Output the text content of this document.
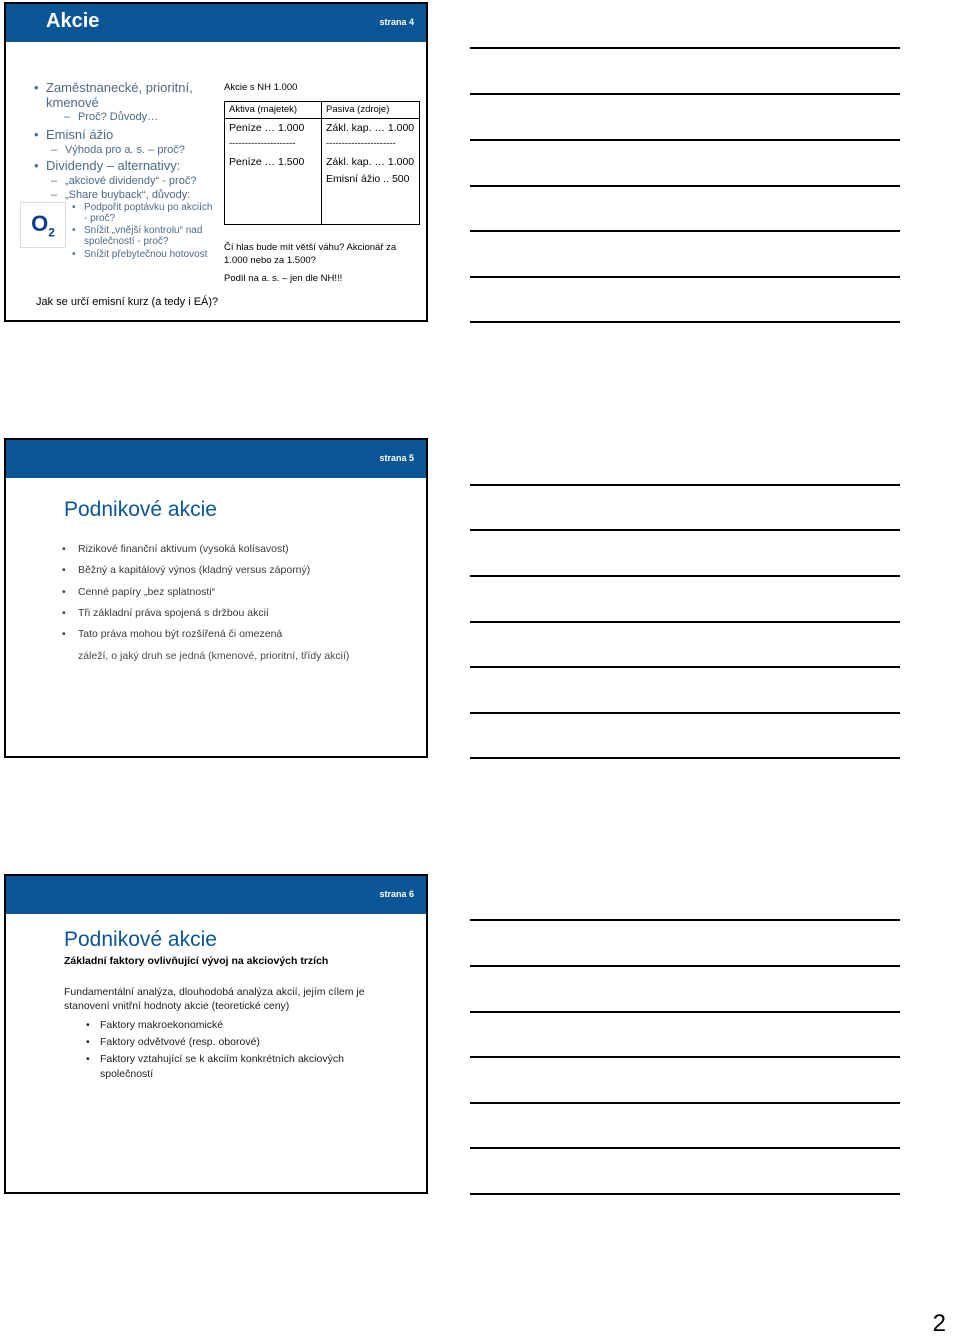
Akcie	strana 4
• Zaměstnanecké, prioritní,
kmenové
– Proč? Důvody…
• Emisní ážio
– Výhoda pro a. s. – proč?
• Dividendy – alternativy:
– „akciové dividendy“ - proč?
– „Share buyback“, důvody:
• Podpořit poptávku po akciích
- proč?
• Snížit „vnější kontrolu“ nad
společností - proč?
• Snížit přebytečnou hotovost
$O_2$
Jak se určí emisní kurz (a tedy i EÁ)?
Akcie s NH 1.000
Aktiva (majetek)	Pasiva (zdroje)
Peníze … 1.000
---------------------
Peníze … 1.500
Zákl. kap. … 1.000
----------------------
Zákl. kap. … 1.000
Emisní ážio .. 500
Čí hlas bude mít větší váhu? Akcionář za
1.000 nebo za 1.500?
Podíl na a. s. – jen dle NH!!!
strana 5
Podnikové akcie
• Rizikové finanční aktivum (vysoká kolísavost)
• Běžný a kapitálový výnos (kladný versus záporný)
• Cenné papíry „bez splatnosti“
• Tři základní práva spojená s držbou akcií
• Tato práva mohou být rozšířená či omezená
záleží, o jaký druh se jedná (kmenové, prioritní, třídy akcií)
strana 6
Podnikové akcie
Základní faktory ovlivňující vývoj na akciových trzích
Fundamentální analýza, dlouhodobá analýza akcií, jejím cílem je
stanovení vnitřní hodnoty akcie (teoretické ceny)
• Faktory makroekonomické
• Faktory odvětvové (resp. oborové)
• Faktory vztahující se k akciím konkrétních akciových
společností
2
